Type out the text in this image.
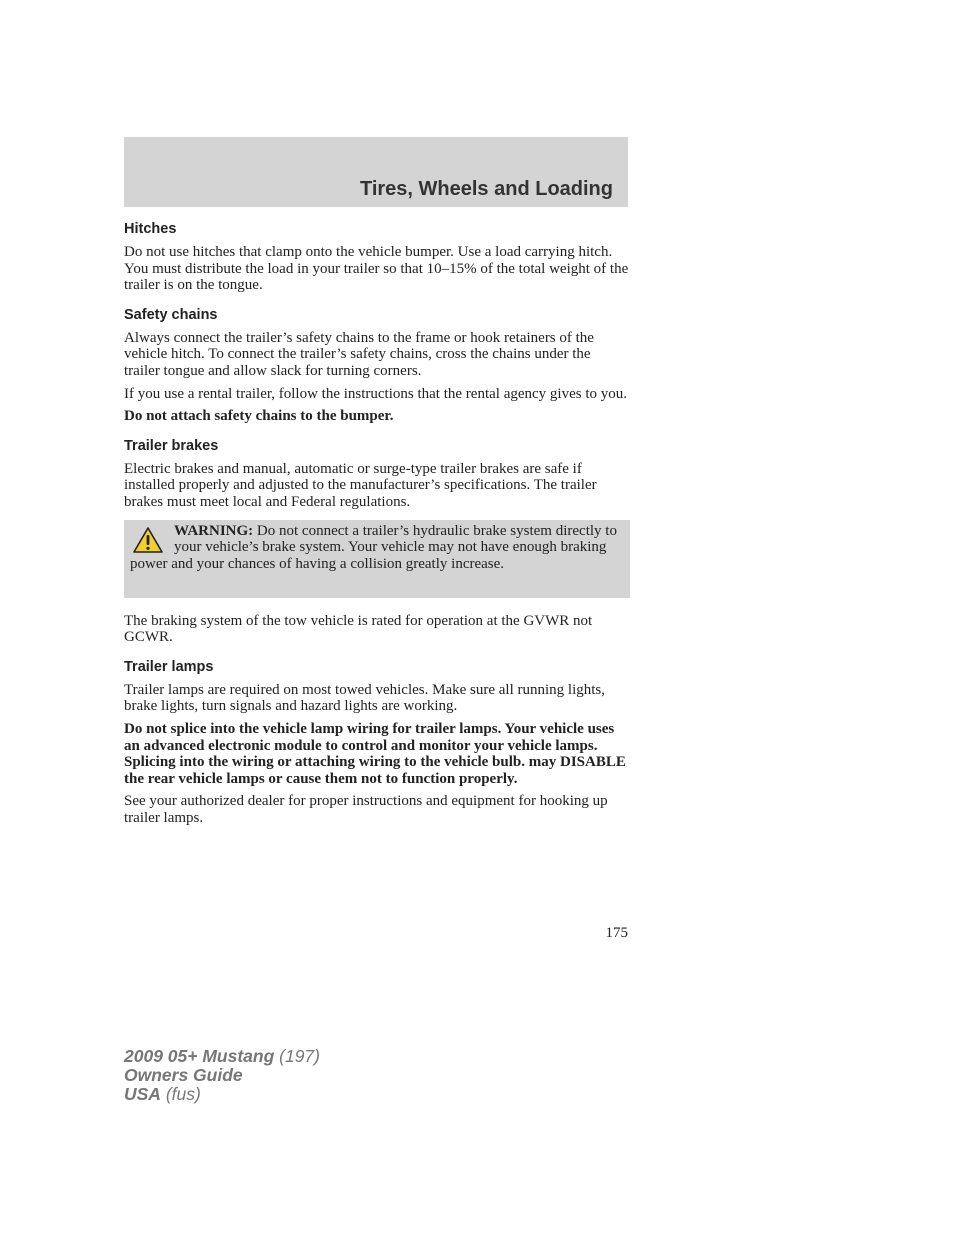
Tires, Wheels and Loading
Hitches

Do not use hitches that clamp onto the vehicle bumper. Use a load carrying hitch. You must distribute the load in your trailer so that 10–15% of the total weight of the trailer is on the tongue.

Safety chains

Always connect the trailer’s safety chains to the frame or hook retainers of the vehicle hitch. To connect the trailer’s safety chains, cross the chains under the trailer tongue and allow slack for turning corners.

If you use a rental trailer, follow the instructions that the rental agency gives to you.

Do not attach safety chains to the bumper.

Trailer brakes

Electric brakes and manual, automatic or surge-type trailer brakes are safe if installed properly and adjusted to the manufacturer’s specifications. The trailer brakes must meet local and Federal regulations.

WARNING: Do not connect a trailer’s hydraulic brake system directly to your vehicle’s brake system. Your vehicle may not have enough braking power and your chances of having a collision greatly increase.

The braking system of the tow vehicle is rated for operation at the GVWR not GCWR.

Trailer lamps

Trailer lamps are required on most towed vehicles. Make sure all running lights, brake lights, turn signals and hazard lights are working.

Do not splice into the vehicle lamp wiring for trailer lamps. Your vehicle uses an advanced electronic module to control and monitor your vehicle lamps. Splicing into the wiring or attaching wiring to the vehicle bulb. may DISABLE the rear vehicle lamps or cause them not to function properly.

See your authorized dealer for proper instructions and equipment for hooking up trailer lamps.

175
2009 05+ Mustang (197)
Owners Guide
USA (fus)
